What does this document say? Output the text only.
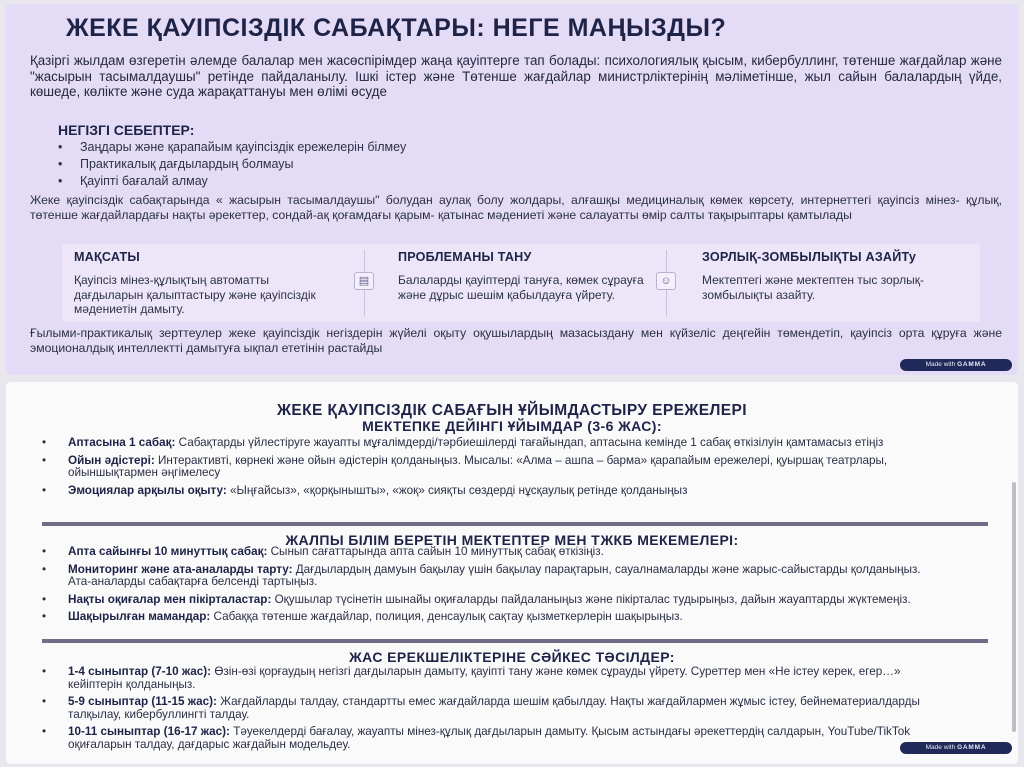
ЖЕКЕ ҚАУІПСІЗДІК САБАҚТАРЫ: НЕГЕ МАҢЫЗДЫ?

Қазіргі жылдам өзгеретін әлемде балалар мен жасөспірімдер жаңа қауіптерге тап болады: психологиялық қысым, кибербуллинг, төтенше жағдайлар және "жасырын тасымалдаушы" ретінде пайдаланылу. Ішкі істер және Төтенше жағдайлар министрліктерінің мәліметінше, жыл сайын балалардың үйде, көшеде, көлікте және суда жарақаттануы мен өлімі өсуде

НЕГІЗГІ СЕБЕПТЕР:
• Заңдары және қарапайым қауіпсіздік ережелерін білмеу
• Практикалық дағдылардың болмауы
• Қауіпті бағалай алмау

Жеке қауіпсіздік сабақтарында « жасырын тасымалдаушы" болудан аулақ болу жолдары, алғашқы медициналық көмек көрсету, интернеттегі қауіпсіз мінез- құлық, төтенше жағдайлардағы нақты әрекеттер, сондай-ақ қоғамдағы қарым- қатынас мәдениеті және салауатты өмір салты тақырыптары қамтылады

МАҚСАТЫ

Қауіпсіз мінез-құлықтың автоматты дағдыларын қалыптастыру және қауіпсіздік мәдениетін дамыту.

▤
ПРОБЛЕМАНЫ ТАНУ

Балаларды қауіптерді тануға, көмек сұрауға және дұрыс шешім қабылдауға үйрету.

☺
ЗОРЛЫҚ-ЗОМБЫЛЫҚТЫ АЗАЙТу

Мектептегі және мектептен тыс зорлық-зомбылықты азайту.

Ғылыми-практикалық зерттеулер жеке қауіпсіздік негіздерін жүйелі оқыту оқушылардың мазасыздану мен күйзеліс деңгейін төмендетіп, қауіпсіз орта құруға және эмоционалдық интеллектті дамытуға ықпал ететінін растайды

Made with GAMMA
ЖЕКЕ ҚАУІПСІЗДІК САБАҒЫН ҰЙЫМДАСТЫРУ ЕРЕЖЕЛЕРІ
МЕКТЕПКЕ ДЕЙІНГІ ҰЙЫМДАР (3-6 ЖАС):
• Аптасына 1 сабақ: Сабақтарды үйлестіруге жауапты мұғалімдерді/тәрбиешілерді тағайындап, аптасына кемінде 1 сабақ өткізілуін қамтамасыз етіңіз
• Ойын әдістері: Интерактивті, көрнекі және ойын әдістерін қолданыңыз. Мысалы: «Алма – ашпа – барма» қарапайым ережелері, қуыршақ театрлары, ойыншықтармен әңгімелесу
• Эмоциялар арқылы оқыту: «Ыңғайсыз», «қорқынышты», «жоқ» сияқты сөздерді нұсқаулық ретінде қолданыңыз
ЖАЛПЫ БІЛІМ БЕРЕТІН МЕКТЕПТЕР МЕН ТЖКБ МЕКЕМЕЛЕРІ:
• Апта сайынғы 10 минуттық сабақ: Сынып сағаттарында апта сайын 10 минуттық сабақ өткізіңіз.
• Мониторинг және ата-аналарды тарту: Дағдылардың дамуын бақылау үшін бақылау парақтарын, сауалнамаларды және жарыс-сайыстарды қолданыңыз. Ата-аналарды сабақтарға белсенді тартыңыз.
• Нақты оқиғалар мен пікірталастар: Оқушылар түсінетін шынайы оқиғаларды пайдаланыңыз және пікірталас тудырыңыз, дайын жауаптарды жүктемеңіз.
• Шақырылған мамандар: Сабаққа төтенше жағдайлар, полиция, денсаулық сақтау қызметкерлерін шақырыңыз.
ЖАС ЕРЕКШЕЛІКТЕРІНЕ СӘЙКЕС ТӘСІЛДЕР:
• 1-4 сыныптар (7-10 жас): Өзін-өзі қорғаудың негізгі дағдыларын дамыту, қауіпті тану және көмек сұрауды үйрету. Суреттер мен «Не істеу керек, егер…» кейіптерін қолданыңыз.
• 5-9 сыныптар (11-15 жас): Жағдайларды талдау, стандартты емес жағдайларда шешім қабылдау. Нақты жағдайлармен жұмыс істеу, бейнематериалдарды талқылау, кибербуллингті талдау.
• 10-11 сыныптар (16-17 жас): Тәуекелдерді бағалау, жауапты мінез-құлық дағдыларын дамыту. Қысым астындағы әрекеттердің салдарын, YouTube/TikTok оқиғаларын талдау, дағдарыс жағдайын модельдеу.	Made with GAMMA
